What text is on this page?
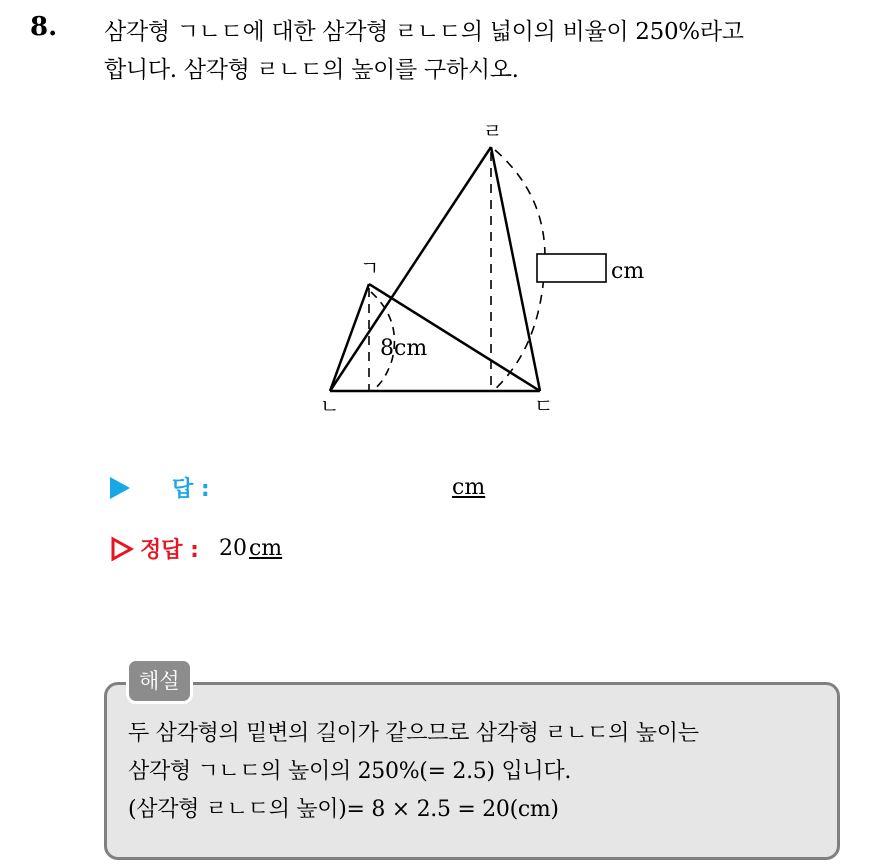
8. 삼각형 ㄱㄴㄷ에 대한 삼각형 ㄹㄴㄷ의 넓이의 비율이 250%라고
합니다. 삼각형 ㄹㄴㄷ의 높이를 구하시오.
cm
ㄹ
ㄱ
ㄴ	ㄷ
8cm
답 :	cm
정답 : 20 cm
해설
두 삼각형의 밑변의 길이가 같으므로 삼각형 ㄹㄴㄷ의 높이는
삼각형 ㄱㄴㄷ의 높이의 250%(= 2.5) 입니다.
(삼각형 ㄹㄴㄷ의 높이)= 8 × 2.5 = 20(cm)
